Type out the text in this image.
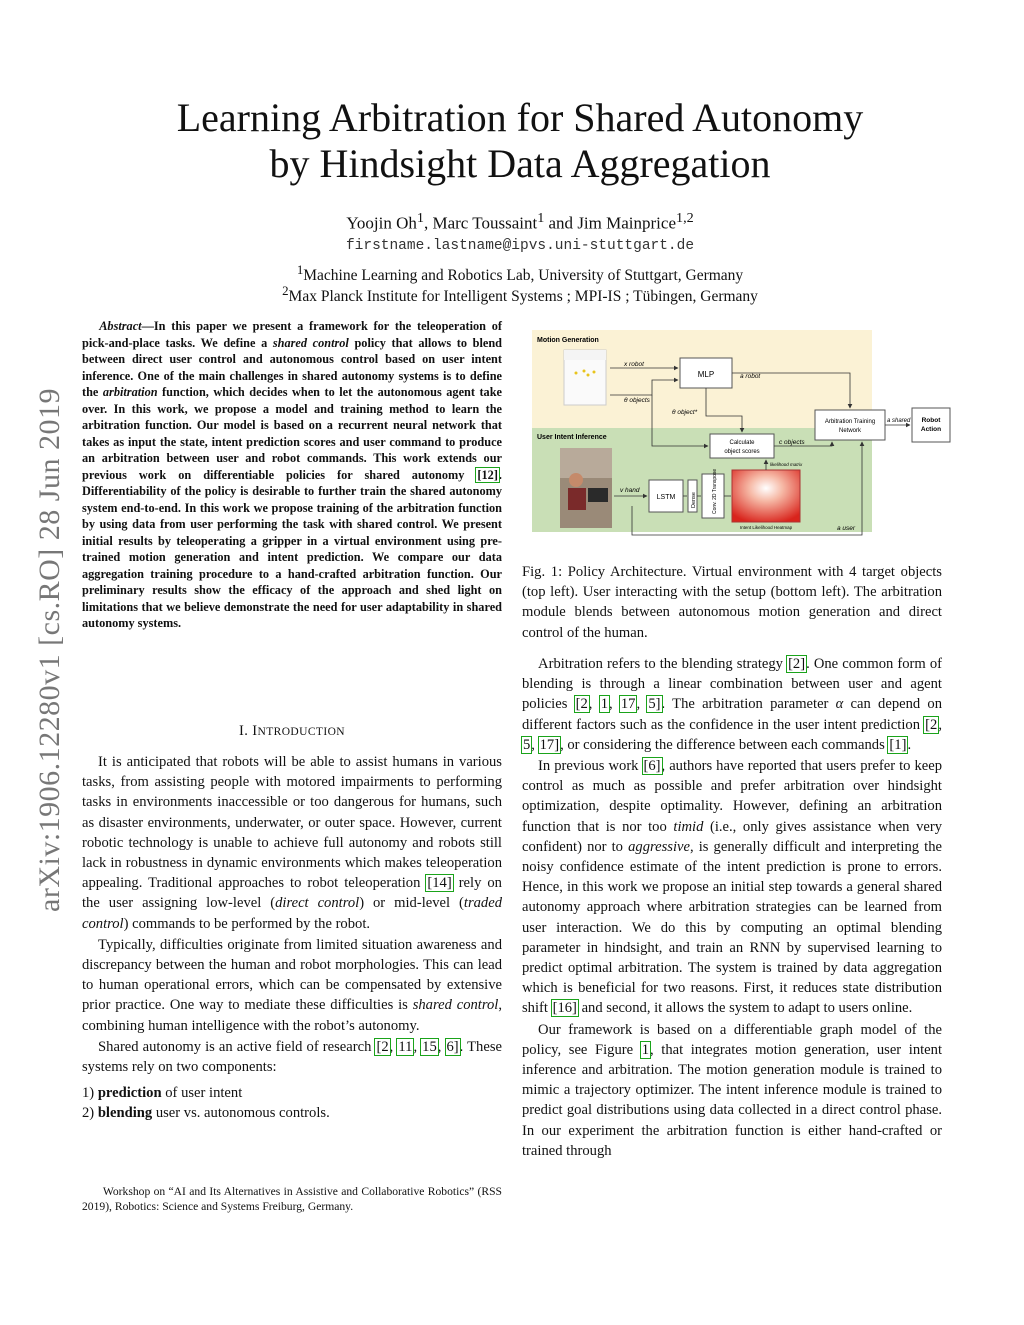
arXiv:1906.12280v1 [cs.RO] 28 Jun 2019
Learning Arbitration for Shared Autonomy
by Hindsight Data Aggregation
Yoojin Oh$^1$, Marc Toussaint$^1$ and Jim Mainprice$^{1,2}$
firstname.lastname@ipvs.uni-stuttgart.de
$^1$Machine Learning and Robotics Lab, University of Stuttgart, Germany
$^2$Max Planck Institute for Intelligent Systems ; MPI-IS ; Tübingen, Germany

Abstract—In this paper we present a framework for the teleoperation of pick-and-place tasks. We define a shared control policy that allows to blend between direct user control and autonomous control based on user intent inference. One of the main challenges in shared autonomy systems is to define the arbitration function, which decides when to let the autonomous agent take over. In this work, we propose a model and training method to learn the arbitration function. Our model is based on a recurrent neural network that takes as input the state, intent prediction scores and user command to produce an arbitration between user and robot commands. This work extends our previous work on differentiable policies for shared autonomy [12]. Differentiability of the policy is desirable to further train the shared autonomy system end-to-end. In this work we propose training of the arbitration function by using data from user performing the task with shared control. We present initial results by teleoperating a gripper in a virtual environment using pre-trained motion generation and intent prediction. We compare our data aggregation training procedure to a hand-crafted arbitration function. Our preliminary results show the efficacy of the approach and shed light on limitations that we believe demonstrate the need for user adaptability in shared autonomy systems.

I. INTRODUCTION

It is anticipated that robots will be able to assist humans in various tasks, from assisting people with motored impairments to performing tasks in environments inaccessible or too dangerous for humans, such as disaster environments, underwater, or outer space. However, current robotic technology is unable to achieve full autonomy and robots still lack in robustness in dynamic environments which makes teleoperation appealing. Traditional approaches to robot teleoperation [14] rely on the user assigning low-level (direct control) or mid-level (traded control) commands to be performed by the robot.

Typically, difficulties originate from limited situation awareness and discrepancy between the human and robot morphologies. This can lead to human operational errors, which can be compensated by extensive prior practice. One way to mediate these difficulties is shared control, combining human intelligence with the robot’s autonomy.

Shared autonomy is an active field of research [2, 11, 15, 6]. These systems rely on two components:

1) prediction of user intent
2) blending user vs. autonomous controls.

Workshop on “AI and Its Alternatives in Assistive and Collaborative Robotics” (RSS 2019), Robotics: Science and Systems Freiburg, Germany.

Motion Generation
User Intent Inference
MLP
Calculate
object scores
LSTM	Dense	Conv. 2D Transpose
Intent Likelihood Heatmap
likelihood matrix
Arbitration Training
Network
Robot
Action
x robot
θ objects
θ object*
a robot
c objects
v hand
a user
a shared
Fig. 1: Policy Architecture. Virtual environment with 4 target objects (top left). User interacting with the setup (bottom left). The arbitration module blends between autonomous motion generation and direct control of the human.

Arbitration refers to the blending strategy [2]. One common form of blending is through a linear combination between user and agent policies [2, 1, 17, 5]. The arbitration parameter α can depend on different factors such as the confidence in the user intent prediction [2, 5, 17], or considering the difference between each commands [1].

In previous work [6], authors have reported that users prefer to keep control as much as possible and prefer arbitration over hindsight optimization, despite optimality. However, defining an arbitration function that is nor too timid (i.e., only gives assistance when very confident) nor to aggressive, is generally difficult and interpreting the noisy confidence estimate of the intent prediction is prone to errors. Hence, in this work we propose an initial step towards a general shared autonomy approach where arbitration strategies can be learned from user interaction. We do this by computing an optimal blending parameter in hindsight, and train an RNN by supervised learning to predict optimal arbitration. The system is trained by data aggregation which is beneficial for two reasons. First, it reduces state distribution shift [16] and second, it allows the system to adapt to users online.

Our framework is based on a differentiable graph model of the policy, see Figure 1, that integrates motion generation, user intent inference and arbitration. The motion generation module is trained to mimic a trajectory optimizer. The intent inference module is trained to predict goal distributions using data collected in a direct control phase. In our experiment the arbitration function is either hand-crafted or trained through
